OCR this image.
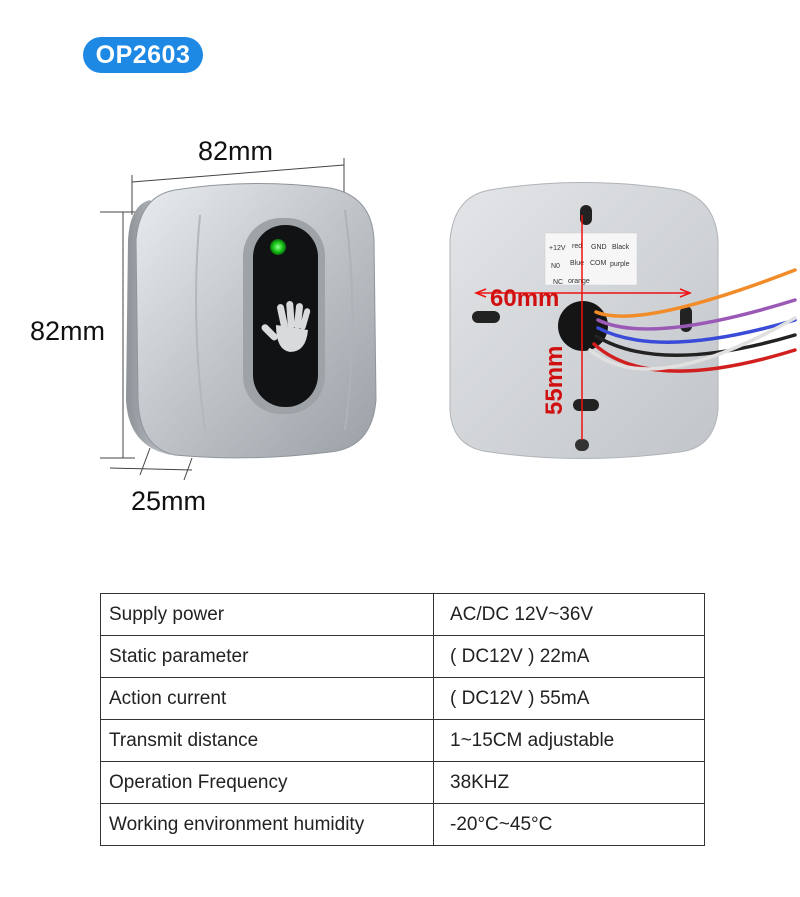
OP2603
+12V red GND Black
N0 Blue COM purple
NC orange
60mm
55mm
82mm
82mm
25mm
Supply power	AC/DC 12V~36V
Static parameter	( DC12V ) 22mA
Action current	( DC12V ) 55mA
Transmit distance	1~15CM adjustable
Operation Frequency	38KHZ
Working environment humidity	-20°C~45°C
